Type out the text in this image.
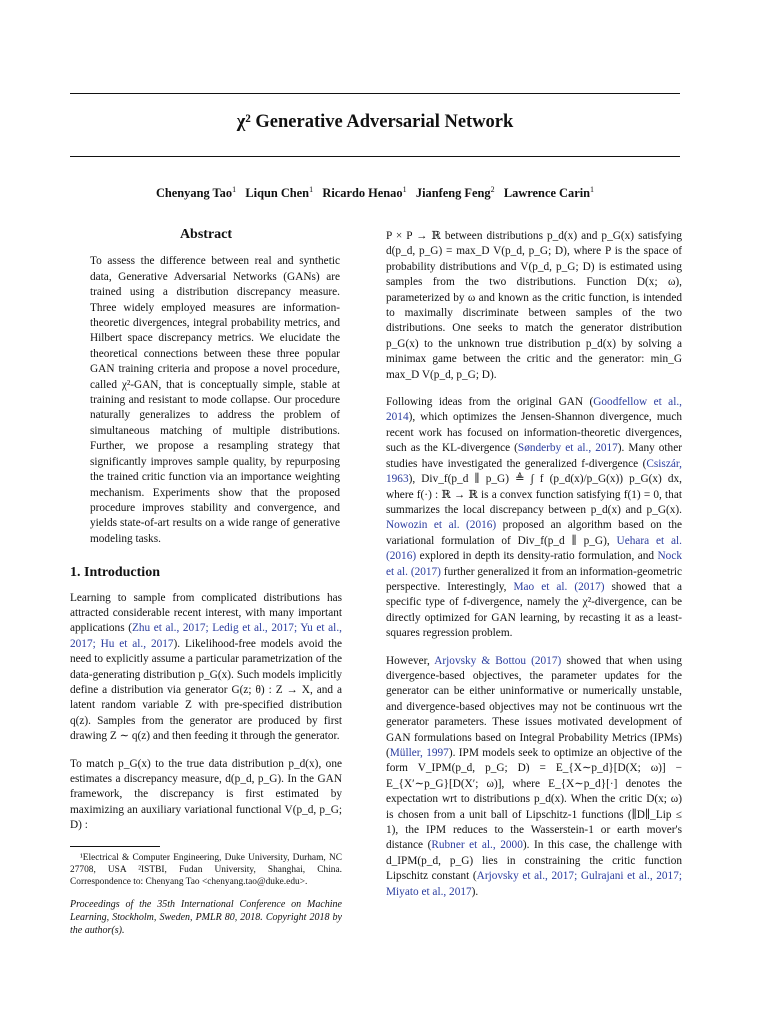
χ² Generative Adversarial Network
Chenyang Tao$^1$ Liqun Chen$^1$ Ricardo Henao$^1$ Jianfeng Feng$^2$ Lawrence Carin$^1$
Abstract

To assess the difference between real and synthetic data, Generative Adversarial Networks (GANs) are trained using a distribution discrepancy measure. Three widely employed measures are information-theoretic divergences, integral probability metrics, and Hilbert space discrepancy metrics. We elucidate the theoretical connections between these three popular GAN training criteria and propose a novel procedure, called χ²-GAN, that is conceptually simple, stable at training and resistant to mode collapse. Our procedure naturally generalizes to address the problem of simultaneous matching of multiple distributions. Further, we propose a resampling strategy that significantly improves sample quality, by repurposing the trained critic function via an importance weighting mechanism. Experiments show that the proposed procedure improves stability and convergence, and yields state-of-art results on a wide range of generative modeling tasks.

1. Introduction

Learning to sample from complicated distributions has attracted considerable recent interest, with many important applications (Zhu et al., 2017; Ledig et al., 2017; Yu et al., 2017; Hu et al., 2017). Likelihood-free models avoid the need to explicitly assume a particular parametrization of the data-generating distribution p_G(x). Such models implicitly define a distribution via generator G(z; θ) : Z → X, and a latent random variable Z with pre-specified distribution q(z). Samples from the generator are produced by first drawing Z ∼ q(z) and then feeding it through the generator.

To match p_G(x) to the true data distribution p_d(x), one estimates a discrepancy measure, d(p_d, p_G). In the GAN framework, the discrepancy is first estimated by maximizing an auxiliary variational functional V(p_d, p_G; D) :

¹Electrical & Computer Engineering, Duke University, Durham, NC 27708, USA ²ISTBI, Fudan University, Shanghai, China. Correspondence to: Chenyang Tao <chenyang.tao@duke.edu>.
Proceedings of the 35th International Conference on Machine Learning, Stockholm, Sweden, PMLR 80, 2018. Copyright 2018 by the author(s).

P × P → ℝ between distributions p_d(x) and p_G(x) satisfying d(p_d, p_G) = max_D V(p_d, p_G; D), where P is the space of probability distributions and V(p_d, p_G; D) is estimated using samples from the two distributions. Function D(x; ω), parameterized by ω and known as the critic function, is intended to maximally discriminate between samples of the two distributions. One seeks to match the generator distribution p_G(x) to the unknown true distribution p_d(x) by solving a minimax game between the critic and the generator: min_G max_D V(p_d, p_G; D).

Following ideas from the original GAN (Goodfellow et al., 2014), which optimizes the Jensen-Shannon divergence, much recent work has focused on information-theoretic divergences, such as the KL-divergence (Sønderby et al., 2017). Many other studies have investigated the generalized f-divergence (Csiszár, 1963), Div_f(p_d ∥ p_G) ≜ ∫ f (p_d(x)/p_G(x)) p_G(x) dx, where f(·) : ℝ → ℝ is a convex function satisfying f(1) = 0, that summarizes the local discrepancy between p_d(x) and p_G(x). Nowozin et al. (2016) proposed an algorithm based on the variational formulation of Div_f(p_d ∥ p_G), Uehara et al. (2016) explored in depth its density-ratio formulation, and Nock et al. (2017) further generalized it from an information-geometric perspective. Interestingly, Mao et al. (2017) showed that a specific type of f-divergence, namely the χ²-divergence, can be directly optimized for GAN learning, by recasting it as a least-squares regression problem.

However, Arjovsky & Bottou (2017) showed that when using divergence-based objectives, the parameter updates for the generator can be either uninformative or numerically unstable, and divergence-based objectives may not be continuous wrt the generator parameters. These issues motivated development of GAN formulations based on Integral Probability Metrics (IPMs) (Müller, 1997). IPM models seek to optimize an objective of the form V_IPM(p_d, p_G; D) = E_{X∼p_d}[D(X; ω)] − E_{X′∼p_G}[D(X′; ω)], where E_{X∼p_d}[·] denotes the expectation wrt to distributions p_d(x). When the critic D(x; ω) is chosen from a unit ball of Lipschitz-1 functions (∥D∥_Lip ≤ 1), the IPM reduces to the Wasserstein-1 or earth mover's distance (Rubner et al., 2000). In this case, the challenge with d_IPM(p_d, p_G) lies in constraining the critic function Lipschitz constant (Arjovsky et al., 2017; Gulrajani et al., 2017; Miyato et al., 2017).
